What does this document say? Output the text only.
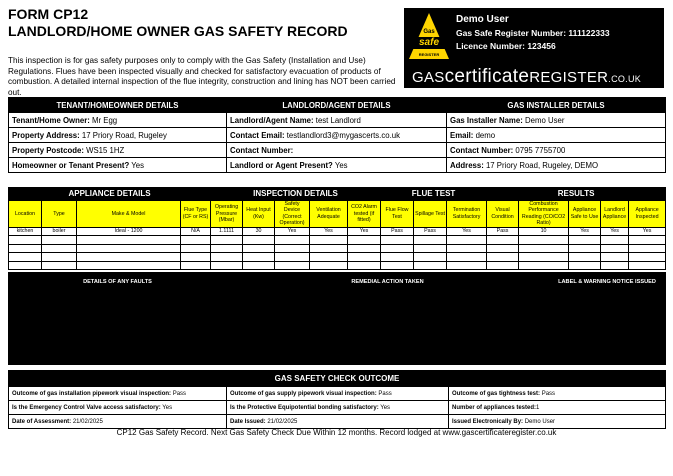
FORM CP12
LANDLORD/HOME OWNER GAS SAFETY RECORD
This inspection is for gas safety purposes only to comply with the Gas Safety (Installation and Use) Regulations. Flues have been inspected visually and checked for satisfactory evacuation of products of combustion. A detailed internal inspection of the flue integrity, construction and lining has NOT been carried out.
Gas
safe
REGISTER
Demo User
Gas Safe Register Number: 111122333
Licence Number: 123456
GAScertificateREGISTER.CO.UK
TENANT/HOMEOWNER DETAILS	LANDLORD/AGENT DETAILS	GAS INSTALLER DETAILS
Tenant/Home Owner: Mr Egg	Landlord/Agent Name: test Landlord	Gas Installer Name: Demo User
Property Address: 17 Priory Road, Rugeley	Contact Email: testlandlord3@mygascerts.co.uk	Email: demo
Property Postcode: WS15 1HZ	Contact Number:	Contact Number: 0795 7755700
Homeowner or Tenant Present? Yes	Landlord or Agent Present? Yes	Address: 17 Priory Road, Rugeley, DEMO
APPLIANCE DETAILS				INSPECTION DETAILS					FLUE TEST			RESULTS				
Location	Type	Make & Model	Flue Type (CF or RS)	Operating Pressure (Mbar)	Heat Input (Kw)	Safety Device (Correct Operation)	Ventilation Adequate	CO2 Alarm tested (if fitted)	Flue Flow Test	Spillage Test	Termination Satisfactory	Visual Condition	Combustion Performance Reading (CO/CO2 Ratio)	Appliance Safe to Use	Landlord Appliance	Appliance Inspected
kitchen	boiler	Ideal - 1200	N/A	1.1111	30	Yes	Yes	Yes	Pass	Pass	Yes	Pass	10	Yes	Yes	Yes

DETAILS OF ANY FAULTS	REMEDIAL ACTION TAKEN	LABEL & WARNING NOTICE ISSUED
GAS SAFETY CHECK OUTCOME		
Outcome of gas installation pipework visual inspection: Pass	Outcome of gas supply pipework visual inspection: Pass	Outcome of gas tightness test: Pass
Is the Emergency Control Valve access satisfactory: Yes	Is the Protective Equipotential bonding satisfactory: Yes	Number of appliances tested:1
Date of Assessment: 21/02/2025	Date Issued: 21/02/2025	Issued Electronically By: Demo User
CP12 Gas Safety Record. Next Gas Safety Check Due Within 12 months. Record lodged at www.gascertificateregister.co.uk
